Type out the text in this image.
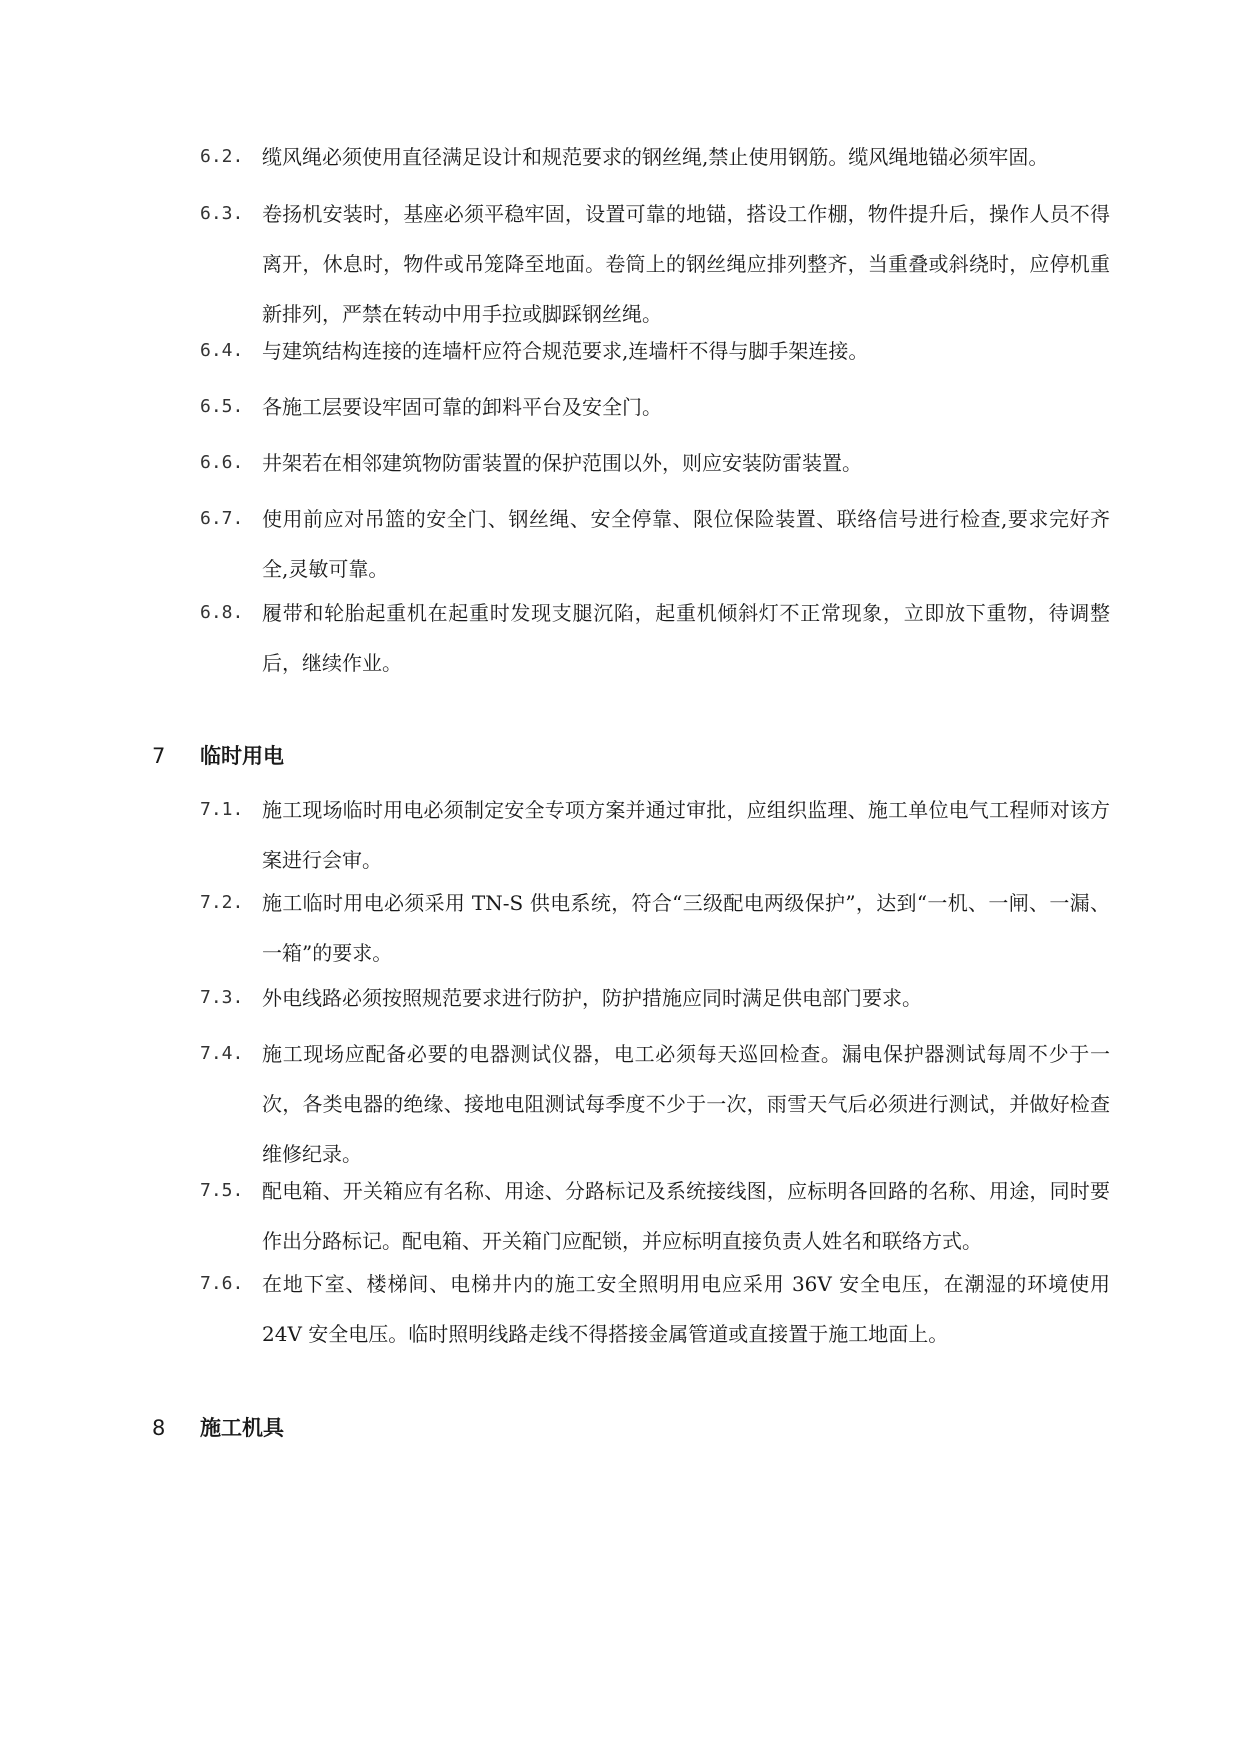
6.2. 缆风绳必须使用直径满足设计和规范要求的钢丝绳,禁止使用钢筋。缆风绳地锚必须牢固。
6.3. 卷扬机安装时，基座必须平稳牢固，设置可靠的地锚，搭设工作棚，物件提升后，操作人员不得离开，休息时，物件或吊笼降至地面。卷筒上的钢丝绳应排列整齐，当重叠或斜绕时，应停机重新排列，严禁在转动中用手拉或脚踩钢丝绳。
6.4. 与建筑结构连接的连墙杆应符合规范要求,连墙杆不得与脚手架连接。
6.5. 各施工层要设牢固可靠的卸料平台及安全门。
6.6. 井架若在相邻建筑物防雷装置的保护范围以外，则应安装防雷装置。
6.7. 使用前应对吊篮的安全门、钢丝绳、安全停靠、限位保险装置、联络信号进行检查,要求完好齐全,灵敏可靠。
6.8. 履带和轮胎起重机在起重时发现支腿沉陷，起重机倾斜灯不正常现象，立即放下重物，待调整后，继续作业。
7 临时用电
7.1. 施工现场临时用电必须制定安全专项方案并通过审批，应组织监理、施工单位电气工程师对该方案进行会审。
7.2. 施工临时用电必须采用 TN-S 供电系统，符合“三级配电两级保护”，达到“一机、一闸、一漏、一箱”的要求。
7.3. 外电线路必须按照规范要求进行防护，防护措施应同时满足供电部门要求。
7.4. 施工现场应配备必要的电器测试仪器，电工必须每天巡回检查。漏电保护器测试每周不少于一次，各类电器的绝缘、接地电阻测试每季度不少于一次，雨雪天气后必须进行测试，并做好检查维修纪录。
7.5. 配电箱、开关箱应有名称、用途、分路标记及系统接线图，应标明各回路的名称、用途，同时要作出分路标记。配电箱、开关箱门应配锁，并应标明直接负责人姓名和联络方式。
7.6. 在地下室、楼梯间、电梯井内的施工安全照明用电应采用 36V 安全电压，在潮湿的环境使用 24V 安全电压。临时照明线路走线不得搭接金属管道或直接置于施工地面上。
8 施工机具
